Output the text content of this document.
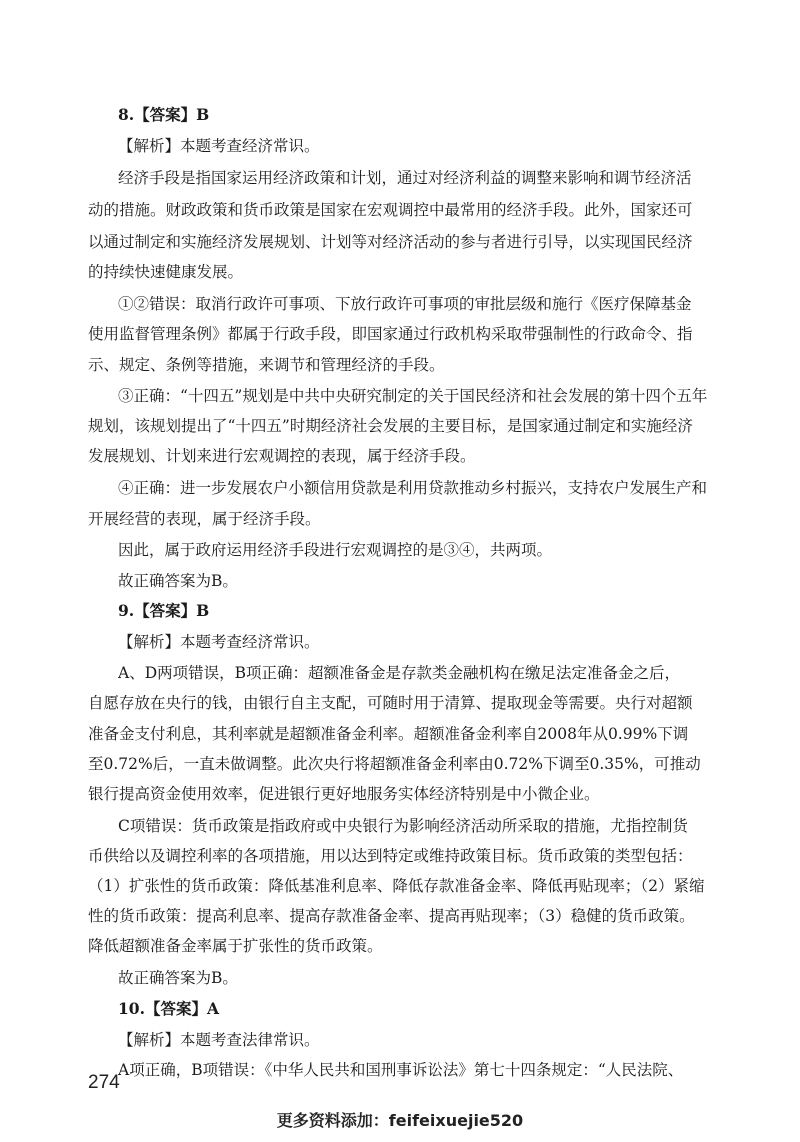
8.【答案】B
【解析】本题考查经济常识。
经济手段是指国家运用经济政策和计划，通过对经济利益的调整来影响和调节经济活
动的措施。财政政策和货币政策是国家在宏观调控中最常用的经济手段。此外，国家还可
以通过制定和实施经济发展规划、计划等对经济活动的参与者进行引导，以实现国民经济
的持续快速健康发展。
①②错误：取消行政许可事项、下放行政许可事项的审批层级和施行《医疗保障基金
使用监督管理条例》都属于行政手段，即国家通过行政机构采取带强制性的行政命令、指
示、规定、条例等措施，来调节和管理经济的手段。
③正确：“十四五”规划是中共中央研究制定的关于国民经济和社会发展的第十四个五年
规划，该规划提出了“十四五”时期经济社会发展的主要目标，是国家通过制定和实施经济
发展规划、计划来进行宏观调控的表现，属于经济手段。
④正确：进一步发展农户小额信用贷款是利用贷款推动乡村振兴，支持农户发展生产和
开展经营的表现，属于经济手段。
因此，属于政府运用经济手段进行宏观调控的是③④，共两项。
故正确答案为B。
9.【答案】B
【解析】本题考查经济常识。
A、D两项错误，B项正确：超额准备金是存款类金融机构在缴足法定准备金之后，
自愿存放在央行的钱，由银行自主支配，可随时用于清算、提取现金等需要。央行对超额
准备金支付利息，其利率就是超额准备金利率。超额准备金利率自2008年从0.99%下调
至0.72%后，一直未做调整。此次央行将超额准备金利率由0.72%下调至0.35%，可推动
银行提高资金使用效率，促进银行更好地服务实体经济特别是中小微企业。
C项错误：货币政策是指政府或中央银行为影响经济活动所采取的措施，尤指控制货
币供给以及调控利率的各项措施，用以达到特定或维持政策目标。货币政策的类型包括：
（1）扩张性的货币政策：降低基准利息率、降低存款准备金率、降低再贴现率；（2）紧缩
性的货币政策：提高利息率、提高存款准备金率、提高再贴现率；（3）稳健的货币政策。
降低超额准备金率属于扩张性的货币政策。
故正确答案为B。
10.【答案】A
【解析】本题考查法律常识。
A项正确，B项错误：《中华人民共和国刑事诉讼法》第七十四条规定：“人民法院、
274
更多资料添加：feifeixuejie520
